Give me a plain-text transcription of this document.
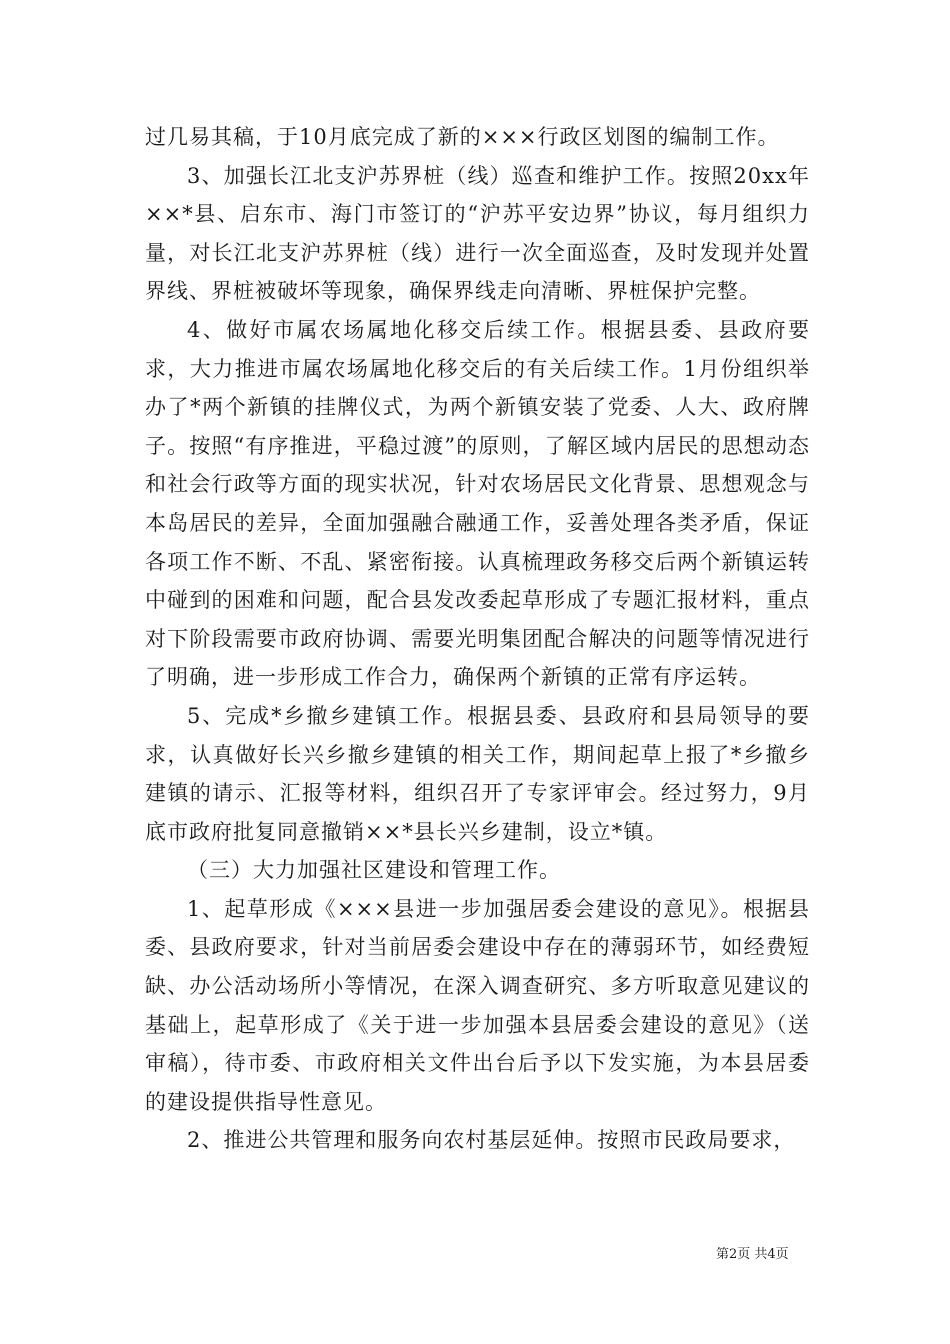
过几易其稿，于10月底完成了新的×××行政区划图的编制工作。

3、加强长江北支沪苏界桩（线）巡查和维护工作。按照20xx年××*县、启东市、海门市签订的“沪苏平安边界”协议，每月组织力量，对长江北支沪苏界桩（线）进行一次全面巡查，及时发现并处置界线、界桩被破坏等现象，确保界线走向清晰、界桩保护完整。

4、做好市属农场属地化移交后续工作。根据县委、县政府要求，大力推进市属农场属地化移交后的有关后续工作。1月份组织举办了*两个新镇的挂牌仪式，为两个新镇安装了党委、人大、政府牌子。按照“有序推进，平稳过渡”的原则，了解区域内居民的思想动态和社会行政等方面的现实状况，针对农场居民文化背景、思想观念与本岛居民的差异，全面加强融合融通工作，妥善处理各类矛盾，保证各项工作不断、不乱、紧密衔接。认真梳理政务移交后两个新镇运转中碰到的困难和问题，配合县发改委起草形成了专题汇报材料，重点对下阶段需要市政府协调、需要光明集团配合解决的问题等情况进行了明确，进一步形成工作合力，确保两个新镇的正常有序运转。

5、完成*乡撤乡建镇工作。根据县委、县政府和县局领导的要求，认真做好长兴乡撤乡建镇的相关工作，期间起草上报了*乡撤乡建镇的请示、汇报等材料，组织召开了专家评审会。经过努力，9月底市政府批复同意撤销××*县长兴乡建制，设立*镇。

（三）大力加强社区建设和管理工作。

1、起草形成《×××县进一步加强居委会建设的意见》。根据县委、县政府要求，针对当前居委会建设中存在的薄弱环节，如经费短缺、办公活动场所小等情况，在深入调查研究、多方听取意见建议的基础上，起草形成了《关于进一步加强本县居委会建设的意见》（送审稿），待市委、市政府相关文件出台后予以下发实施，为本县居委的建设提供指导性意见。

2、推进公共管理和服务向农村基层延伸。按照市民政局要求，

第2页 共4页
